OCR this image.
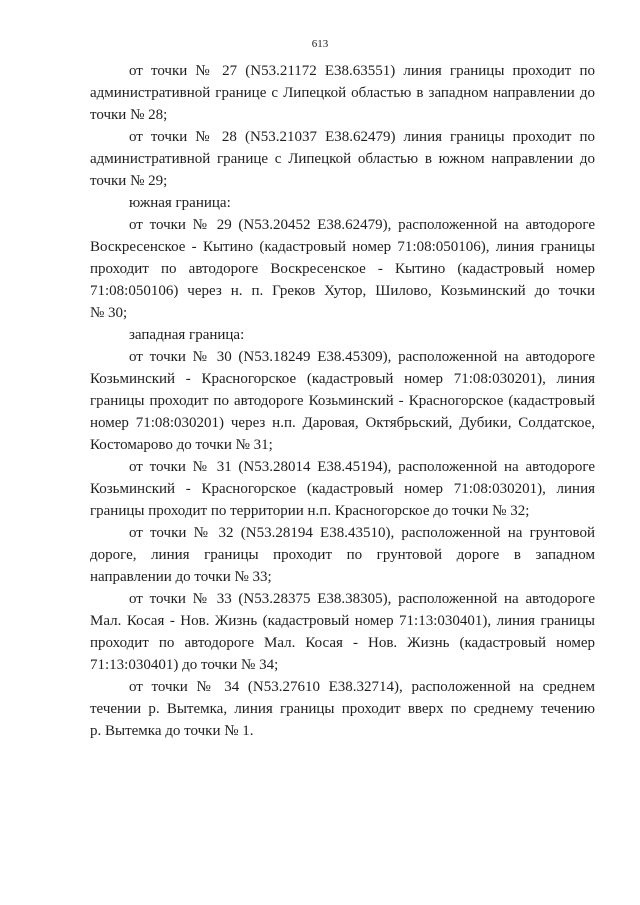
613
от точки № 27 (N53.21172 E38.63551) линия границы проходит по
административной границе с Липецкой областью в западном направлении до
точки № 28;
от точки № 28 (N53.21037 E38.62479) линия границы проходит по
административной границе с Липецкой областью в южном направлении до
точки № 29;
южная граница:
от точки № 29 (N53.20452 E38.62479), расположенной на автодороге
Воскресенское - Кытино (кадастровый номер 71:08:050106), линия границы
проходит по автодороге Воскресенское - Кытино (кадастровый номер
71:08:050106) через н. п. Греков Хутор, Шилово, Козьминский до точки
№ 30;
западная граница:
от точки № 30 (N53.18249 E38.45309), расположенной на автодороге
Козьминский - Красногорское (кадастровый номер 71:08:030201), линия
границы проходит по автодороге Козьминский - Красногорское (кадастровый
номер 71:08:030201) через н.п. Даровая, Октябрьский, Дубики, Солдатское,
Костомарово до точки № 31;
от точки № 31 (N53.28014 E38.45194), расположенной на автодороге
Козьминский - Красногорское (кадастровый номер 71:08:030201), линия
границы проходит по территории н.п. Красногорское до точки № 32;
от точки № 32 (N53.28194 E38.43510), расположенной на грунтовой
дороге, линия границы проходит по грунтовой дороге в западном
направлении до точки № 33;
от точки № 33 (N53.28375 E38.38305), расположенной на автодороге
Мал. Косая - Нов. Жизнь (кадастровый номер 71:13:030401), линия границы
проходит по автодороге Мал. Косая - Нов. Жизнь (кадастровый номер
71:13:030401) до точки № 34;
от точки № 34 (N53.27610 E38.32714), расположенной на среднем
течении р. Вытемка, линия границы проходит вверх по среднему течению
р. Вытемка до точки № 1.
